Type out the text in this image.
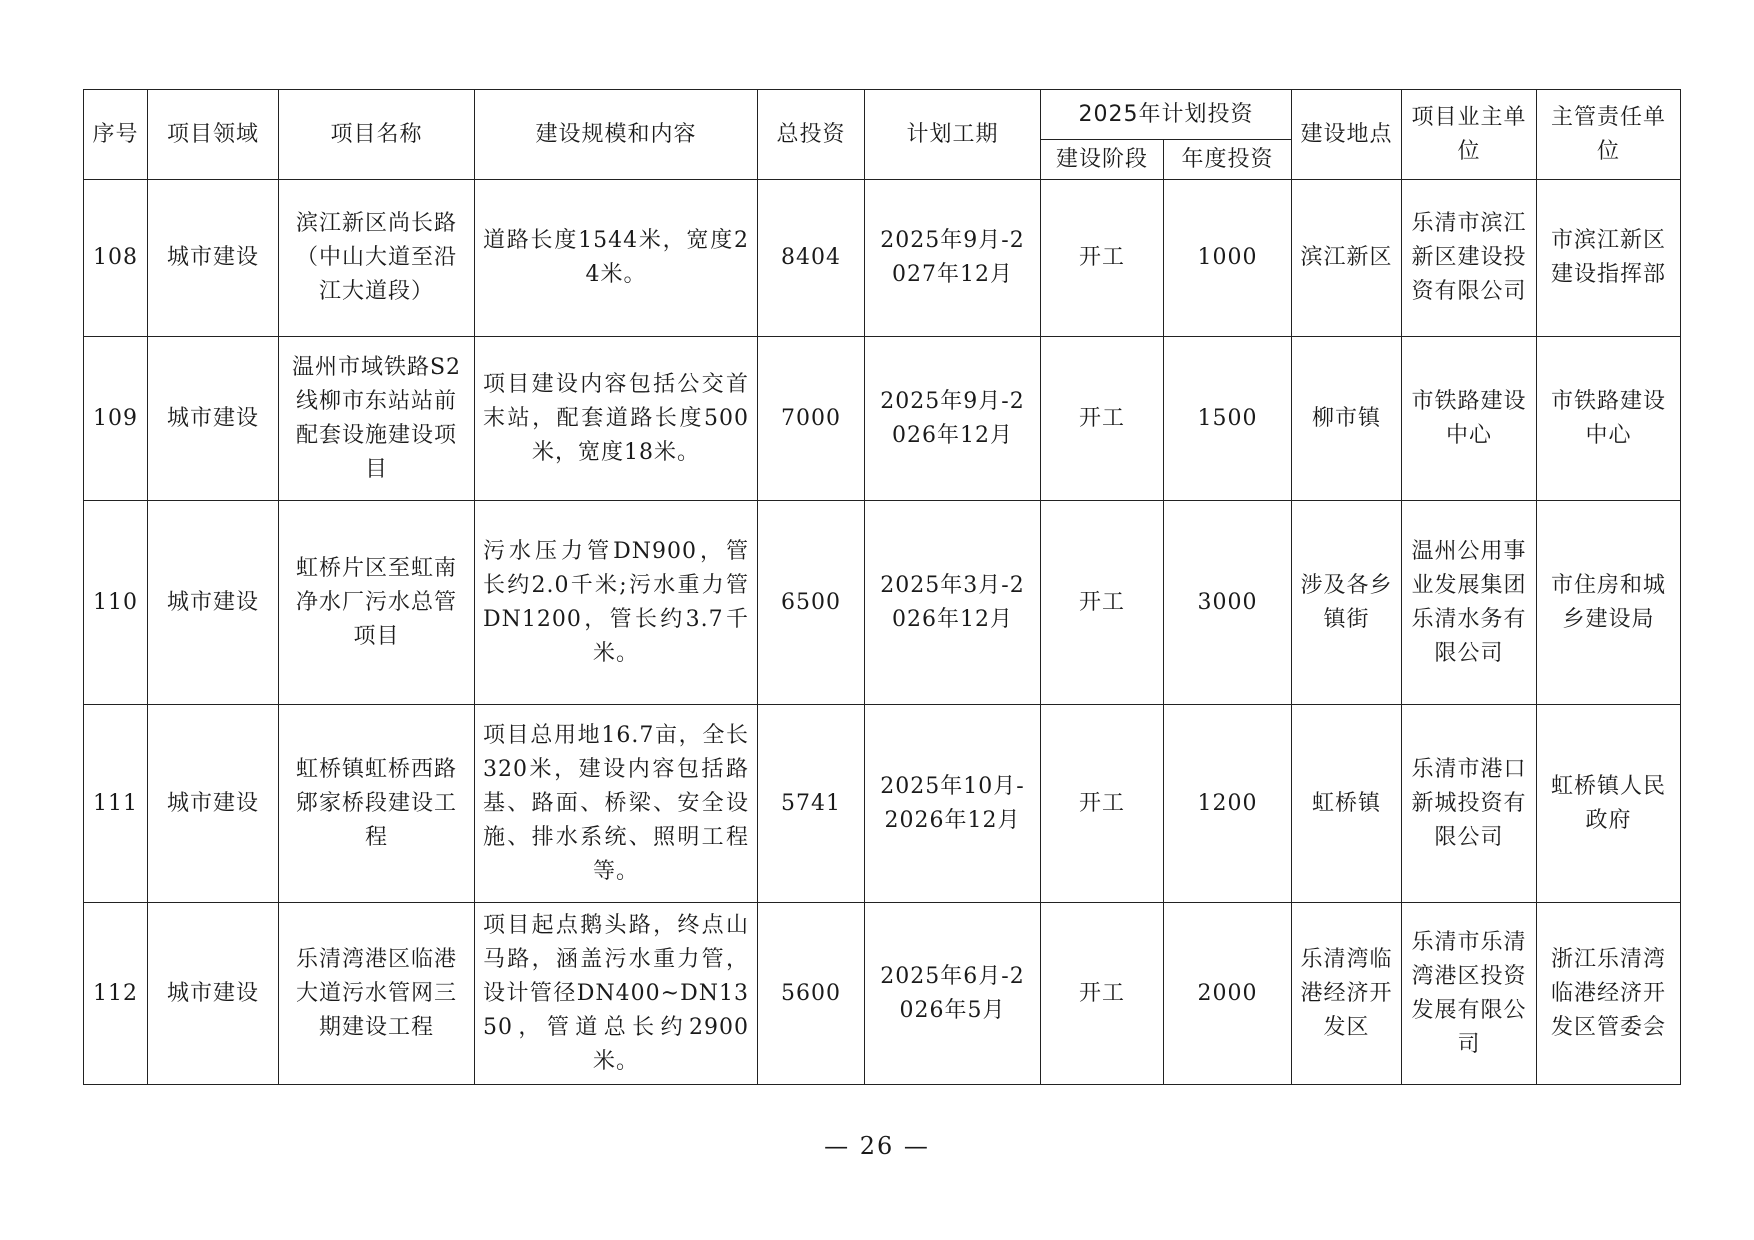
序号	项目领域	项目名称	建设规模和内容	总投资	计划工期	2025年计划投资		建设地点	项目业主单位	主管责任单位
						建设阶段	年度投资			
108	城市建设	滨江新区尚长路（中山大道至沿江大道段）	道路长度1544米，宽度24米。	8404	2025年9月-2027年12月	开工	1000	滨江新区	乐清市滨江新区建设投资有限公司	市滨江新区建设指挥部
109	城市建设	温州市域铁路S2线柳市东站站前配套设施建设项目	项目建设内容包括公交首末站，配套道路长度500米，宽度18米。	7000	2025年9月-2026年12月	开工	1500	柳市镇	市铁路建设中心	市铁路建设中心
110	城市建设	虹桥片区至虹南净水厂污水总管项目	污水压力管DN900，管长约2.0千米;污水重力管DN1200，管长约3.7千米。	6500	2025年3月-2026年12月	开工	3000	涉及各乡镇街	温州公用事业发展集团乐清水务有限公司	市住房和城乡建设局
111	城市建设	虹桥镇虹桥西路郳家桥段建设工程	项目总用地16.7亩，全长320米，建设内容包括路基、路面、桥梁、安全设施、排水系统、照明工程等。	5741	2025年10月-2026年12月	开工	1200	虹桥镇	乐清市港口新城投资有限公司	虹桥镇人民政府
112	城市建设	乐清湾港区临港大道污水管网三期建设工程	项目起点鹅头路，终点山马路，涵盖污水重力管，设计管径DN400~DN1350，管道总长约2900米。	5600	2025年6月-2026年5月	开工	2000	乐清湾临港经济开发区	乐清市乐清湾港区投资发展有限公司	浙江乐清湾临港经济开发区管委会
— 26 —
